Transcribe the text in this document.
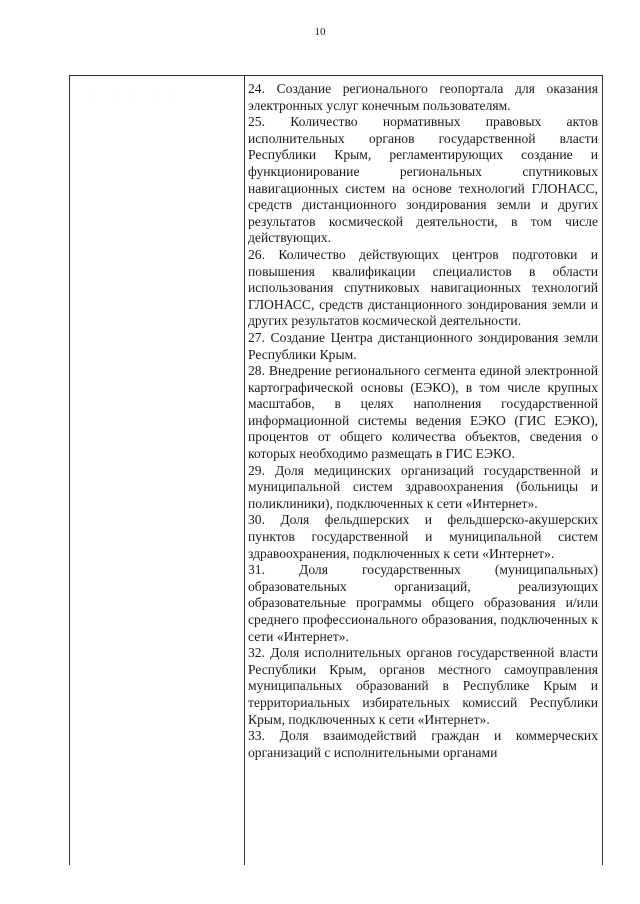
10
· · · · ·

24. Создание регионального геопортала для оказания электронных услуг конечным пользователям.

25. Количество нормативных правовых актов исполнительных органов государственной власти Республики Крым, регламентирующих создание и функционирование региональных спутниковых навигационных систем на основе технологий ГЛОНАСС, средств дистанционного зондирования земли и других результатов космической деятельности, в том числе действующих.

26. Количество действующих центров подготовки и повышения квалификации специалистов в области использования спутниковых навигационных технологий ГЛОНАСС, средств дистанционного зондирования земли и других результатов космической деятельности.

27. Создание Центра дистанционного зондирования земли Республики Крым.

28. Внедрение регионального сегмента единой электронной картографической основы (ЕЭКО), в том числе крупных масштабов, в целях наполнения государственной информационной системы ведения ЕЭКО (ГИС ЕЭКО), процентов от общего количества объектов, сведения о которых необходимо размещать в ГИС ЕЭКО.

29. Доля медицинских организаций государственной и муниципальной систем здравоохранения (больницы и поликлиники), подключенных к сети «Интернет».

30. Доля фельдшерских и фельдшерско-акушерских пунктов государственной и муниципальной систем здравоохранения, подключенных к сети «Интернет».

31. Доля государственных (муниципальных) образовательных организаций, реализующих образовательные программы общего образования и/или среднего профессионального образования, подключенных к сети «Интернет».

32. Доля исполнительных органов государственной власти Республики Крым, органов местного самоуправления муниципальных образований в Республике Крым и территориальных избирательных комиссий Республики Крым, подключенных к сети «Интернет».

33. Доля взаимодействий граждан и коммерческих организаций с исполнительными органами
